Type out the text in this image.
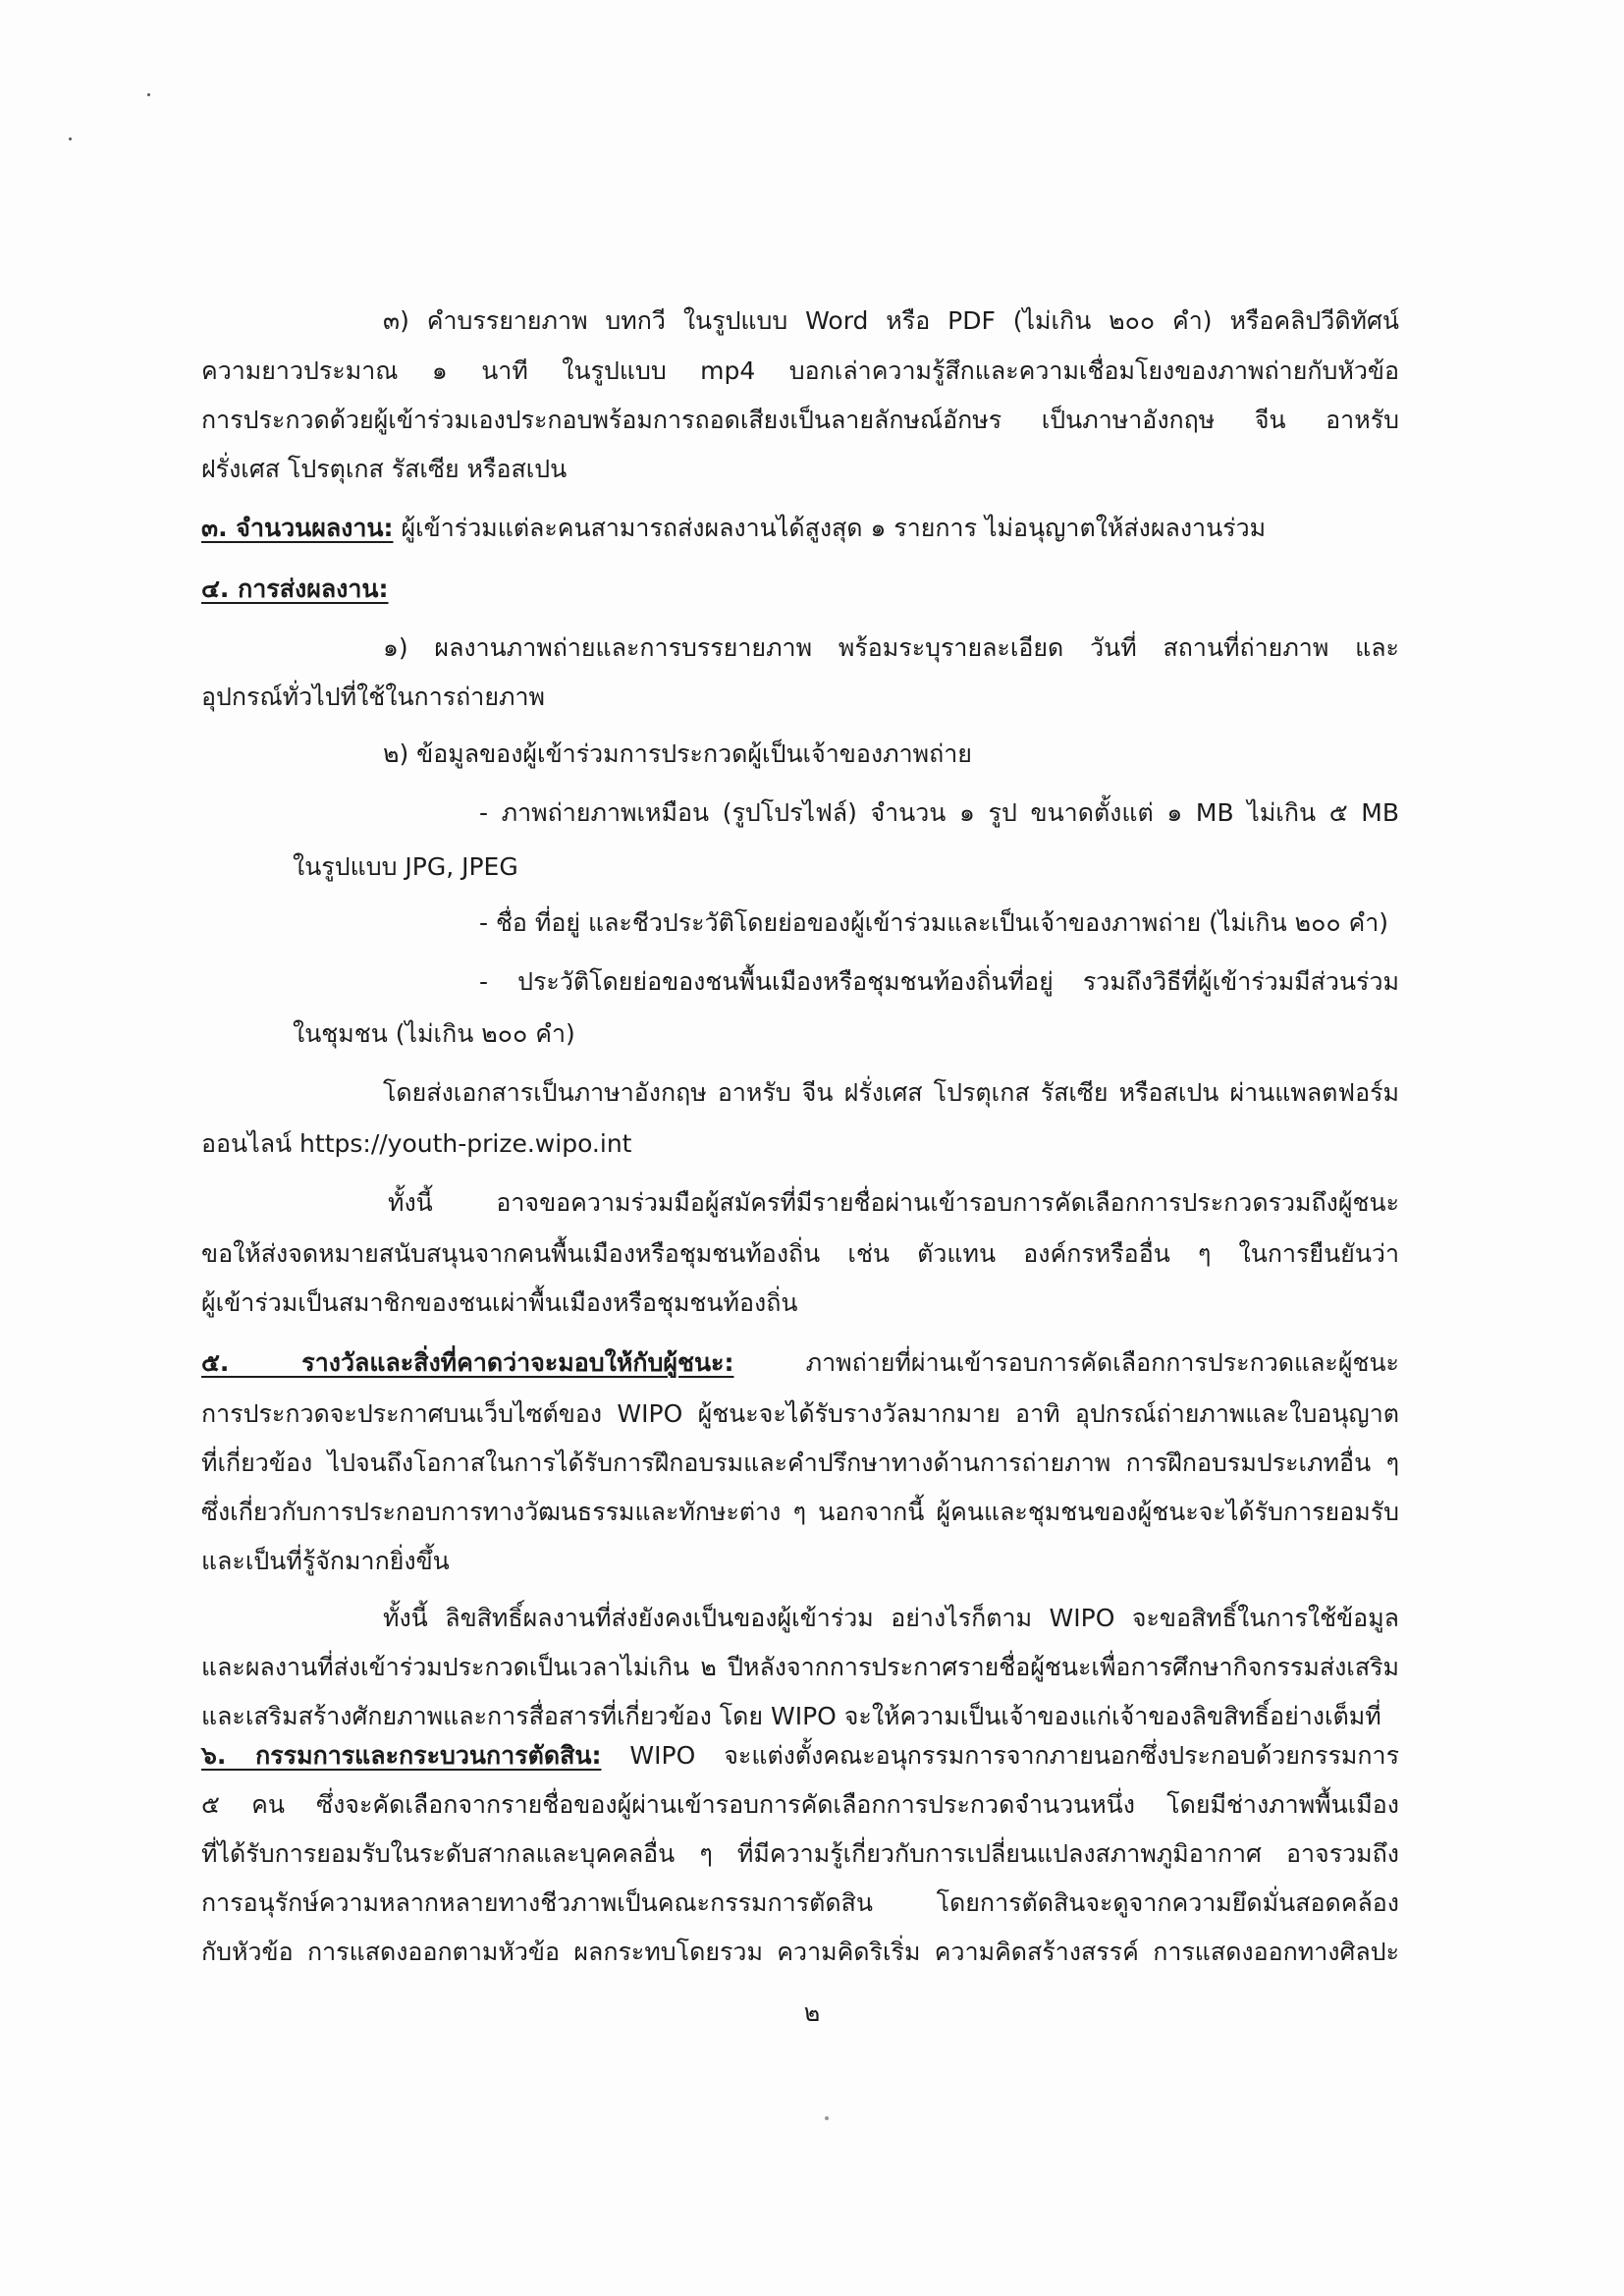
๓) คำบรรยายภาพ บทกวี ในรูปแบบ Word หรือ PDF (ไม่เกิน ๒๐๐ คำ) หรือคลิปวีดิทัศน์
ความยาวประมาณ ๑ นาที ในรูปแบบ mp4 บอกเล่าความรู้สึกและความเชื่อมโยงของภาพถ่ายกับหัวข้อ
การประกวดด้วยผู้เข้าร่วมเองประกอบพร้อมการถอดเสียงเป็นลายลักษณ์อักษร เป็นภาษาอังกฤษ จีน อาหรับ
ฝรั่งเศส โปรตุเกส รัสเซีย หรือสเปน
๓. จำนวนผลงาน: ผู้เข้าร่วมแต่ละคนสามารถส่งผลงานได้สูงสุด ๑ รายการ ไม่อนุญาตให้ส่งผลงานร่วม
๔. การส่งผลงาน:
๑) ผลงานภาพถ่ายและการบรรยายภาพ พร้อมระบุรายละเอียด วันที่ สถานที่ถ่ายภาพ และ
อุปกรณ์ทั่วไปที่ใช้ในการถ่ายภาพ
๒) ข้อมูลของผู้เข้าร่วมการประกวดผู้เป็นเจ้าของภาพถ่าย
- ภาพถ่ายภาพเหมือน (รูปโปรไฟล์) จำนวน ๑ รูป ขนาดตั้งแต่ ๑ MB ไม่เกิน ๕ MB
ในรูปแบบ JPG, JPEG
- ชื่อ ที่อยู่ และชีวประวัติโดยย่อของผู้เข้าร่วมและเป็นเจ้าของภาพถ่าย (ไม่เกิน ๒๐๐ คำ)
- ประวัติโดยย่อของชนพื้นเมืองหรือชุมชนท้องถิ่นที่อยู่ รวมถึงวิธีที่ผู้เข้าร่วมมีส่วนร่วม
ในชุมชน (ไม่เกิน ๒๐๐ คำ)
โดยส่งเอกสารเป็นภาษาอังกฤษ อาหรับ จีน ฝรั่งเศส โปรตุเกส รัสเซีย หรือสเปน ผ่านแพลตฟอร์ม
ออนไลน์ https://youth-prize.wipo.int
ทั้งนี้ อาจขอความร่วมมือผู้สมัครที่มีรายชื่อผ่านเข้ารอบการคัดเลือกการประกวดรวมถึงผู้ชนะ
ขอให้ส่งจดหมายสนับสนุนจากคนพื้นเมืองหรือชุมชนท้องถิ่น เช่น ตัวแทน องค์กรหรืออื่น ๆ ในการยืนยันว่า
ผู้เข้าร่วมเป็นสมาชิกของชนเผ่าพื้นเมืองหรือชุมชนท้องถิ่น
๕. รางวัลและสิ่งที่คาดว่าจะมอบให้กับผู้ชนะ: ภาพถ่ายที่ผ่านเข้ารอบการคัดเลือกการประกวดและผู้ชนะ
การประกวดจะประกาศบนเว็บไซต์ของ WIPO ผู้ชนะจะได้รับรางวัลมากมาย อาทิ อุปกรณ์ถ่ายภาพและใบอนุญาต
ที่เกี่ยวข้อง ไปจนถึงโอกาสในการได้รับการฝึกอบรมและคำปรึกษาทางด้านการถ่ายภาพ การฝึกอบรมประเภทอื่น ๆ
ซึ่งเกี่ยวกับการประกอบการทางวัฒนธรรมและทักษะต่าง ๆ นอกจากนี้ ผู้คนและชุมชนของผู้ชนะจะได้รับการยอมรับ
และเป็นที่รู้จักมากยิ่งขึ้น
ทั้งนี้ ลิขสิทธิ์ผลงานที่ส่งยังคงเป็นของผู้เข้าร่วม อย่างไรก็ตาม WIPO จะขอสิทธิ์ในการใช้ข้อมูล
และผลงานที่ส่งเข้าร่วมประกวดเป็นเวลาไม่เกิน ๒ ปีหลังจากการประกาศรายชื่อผู้ชนะเพื่อการศึกษากิจกรรมส่งเสริม
และเสริมสร้างศักยภาพและการสื่อสารที่เกี่ยวข้อง โดย WIPO จะให้ความเป็นเจ้าของแก่เจ้าของลิขสิทธิ์อย่างเต็มที่
๖. กรรมการและกระบวนการตัดสิน: WIPO จะแต่งตั้งคณะอนุกรรมการจากภายนอกซึ่งประกอบด้วยกรรมการ
๕ คน ซึ่งจะคัดเลือกจากรายชื่อของผู้ผ่านเข้ารอบการคัดเลือกการประกวดจำนวนหนึ่ง โดยมีช่างภาพพื้นเมือง
ที่ได้รับการยอมรับในระดับสากลและบุคคลอื่น ๆ ที่มีความรู้เกี่ยวกับการเปลี่ยนแปลงสภาพภูมิอากาศ อาจรวมถึง
การอนุรักษ์ความหลากหลายทางชีวภาพเป็นคณะกรรมการตัดสิน โดยการตัดสินจะดูจากความยึดมั่นสอดคล้อง
กับหัวข้อ การแสดงออกตามหัวข้อ ผลกระทบโดยรวม ความคิดริเริ่ม ความคิดสร้างสรรค์ การแสดงออกทางศิลปะ
๒
